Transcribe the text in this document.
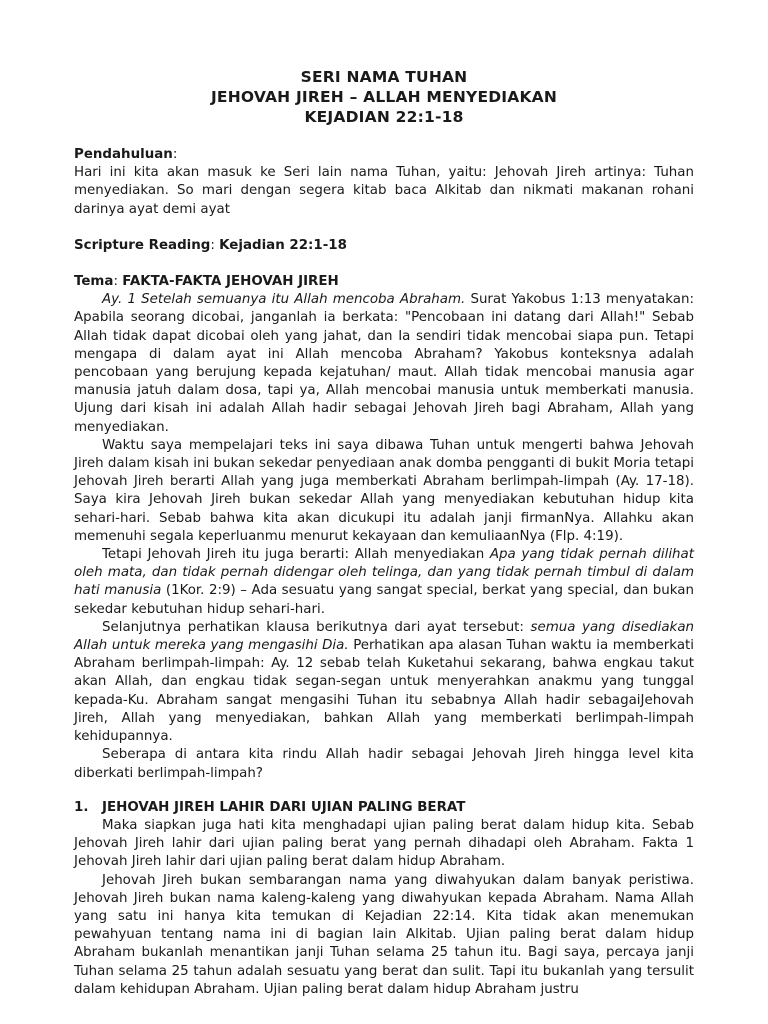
SERI NAMA TUHAN
JEHOVAH JIREH – ALLAH MENYEDIAKAN
KEJADIAN 22:1-18

Pendahuluan:

Hari ini kita akan masuk ke Seri lain nama Tuhan, yaitu: Jehovah Jireh artinya: Tuhan menyediakan. So mari dengan segera kitab baca Alkitab dan nikmati makanan rohani darinya ayat demi ayat

Scripture Reading: Kejadian 22:1-18

Tema: FAKTA-FAKTA JEHOVAH JIREH

Ay. 1 Setelah semuanya itu Allah mencoba Abraham. Surat Yakobus 1:13 menyatakan: Apabila seorang dicobai, janganlah ia berkata: "Pencobaan ini datang dari Allah!" Sebab Allah tidak dapat dicobai oleh yang jahat, dan Ia sendiri tidak mencobai siapa pun. Tetapi mengapa di dalam ayat ini Allah mencoba Abraham? Yakobus konteksnya adalah pencobaan yang berujung kepada kejatuhan/ maut. Allah tidak mencobai manusia agar manusia jatuh dalam dosa, tapi ya, Allah mencobai manusia untuk memberkati manusia. Ujung dari kisah ini adalah Allah hadir sebagai Jehovah Jireh bagi Abraham, Allah yang menyediakan.

Waktu saya mempelajari teks ini saya dibawa Tuhan untuk mengerti bahwa Jehovah Jireh dalam kisah ini bukan sekedar penyediaan anak domba pengganti di bukit Moria tetapi Jehovah Jireh berarti Allah yang juga memberkati Abraham berlimpah-limpah (Ay. 17-18). Saya kira Jehovah Jireh bukan sekedar Allah yang menyediakan kebutuhan hidup kita sehari-hari. Sebab bahwa kita akan dicukupi itu adalah janji firmanNya. Allahku akan memenuhi segala keperluanmu menurut kekayaan dan kemuliaanNya (Flp. 4:19).

Tetapi Jehovah Jireh itu juga berarti: Allah menyediakan Apa yang tidak pernah dilihat oleh mata, dan tidak pernah didengar oleh telinga, dan yang tidak pernah timbul di dalam hati manusia (1Kor. 2:9) – Ada sesuatu yang sangat special, berkat yang special, dan bukan sekedar kebutuhan hidup sehari-hari.

Selanjutnya perhatikan klausa berikutnya dari ayat tersebut: semua yang disediakan Allah untuk mereka yang mengasihi Dia. Perhatikan apa alasan Tuhan waktu ia memberkati Abraham berlimpah-limpah: Ay. 12 sebab telah Kuketahui sekarang, bahwa engkau takut akan Allah, dan engkau tidak segan-segan untuk menyerahkan anakmu yang tunggal kepada-Ku. Abraham sangat mengasihi Tuhan itu sebabnya Allah hadir sebagaiJehovah Jireh, Allah yang menyediakan, bahkan Allah yang memberkati berlimpah-limpah kehidupannya.

Seberapa di antara kita rindu Allah hadir sebagai Jehovah Jireh hingga level kita diberkati berlimpah-limpah?

1.	JEHOVAH JIREH LAHIR DARI UJIAN PALING BERAT

Maka siapkan juga hati kita menghadapi ujian paling berat dalam hidup kita. Sebab Jehovah Jireh lahir dari ujian paling berat yang pernah dihadapi oleh Abraham. Fakta 1 Jehovah Jireh lahir dari ujian paling berat dalam hidup Abraham.

Jehovah Jireh bukan sembarangan nama yang diwahyukan dalam banyak peristiwa. Jehovah Jireh bukan nama kaleng-kaleng yang diwahyukan kepada Abraham. Nama Allah yang satu ini hanya kita temukan di Kejadian 22:14. Kita tidak akan menemukan pewahyuan tentang nama ini di bagian lain Alkitab. Ujian paling berat dalam hidup Abraham bukanlah menantikan janji Tuhan selama 25 tahun itu. Bagi saya, percaya janji Tuhan selama 25 tahun adalah sesuatu yang berat dan sulit. Tapi itu bukanlah yang tersulit dalam kehidupan Abraham. Ujian paling berat dalam hidup Abraham justru
